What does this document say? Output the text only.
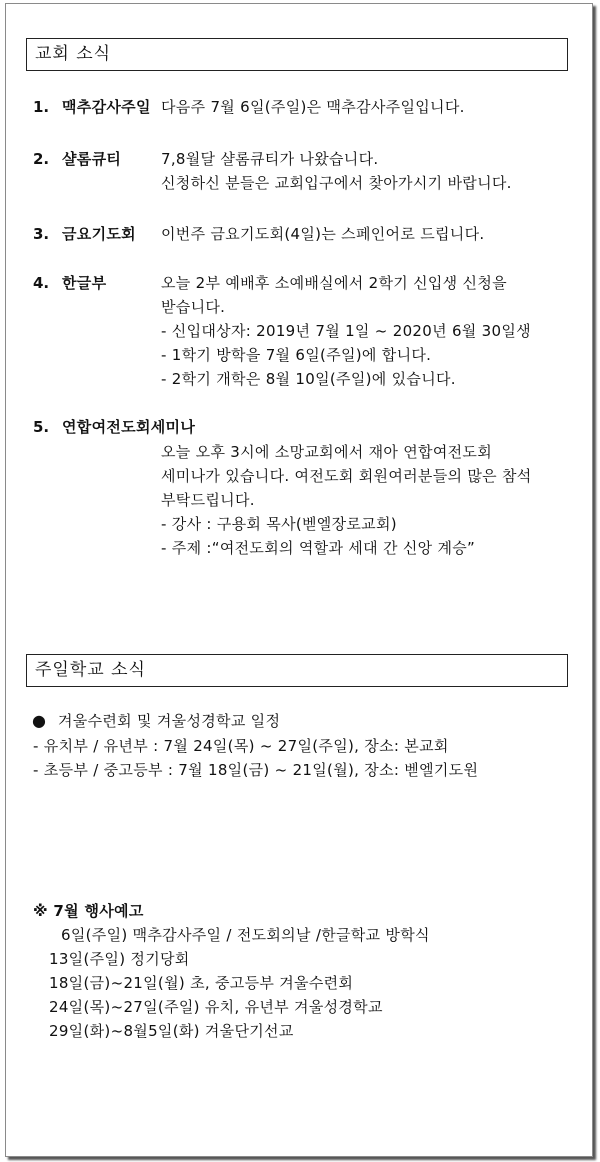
교회 소식
1. 맥추감사주일 다음주 7월 6일(주일)은 맥추감사주일입니다.
2. 샬롬큐티	7,8월달 샬롬큐티가 나왔습니다.
신청하신 분들은 교회입구에서 찾아가시기 바랍니다.
3. 금요기도회 이번주 금요기도회(4일)는 스페인어로 드립니다.
4. 한글부	오늘 2부 예배후 소예배실에서 2학기 신입생 신청을
받습니다.
- 신입대상자: 2019년 7월 1일 ~ 2020년 6월 30일생
- 1학기 방학을 7월 6일(주일)에 합니다.
- 2학기 개학은 8월 10일(주일)에 있습니다.
5. 연합여전도회세미나
오늘 오후 3시에 소망교회에서 재아 연합여전도회
세미나가 있습니다. 여전도회 회원여러분들의 많은 참석
부탁드립니다.
- 강사 : 구용회 목사(벧엘장로교회)
- 주제 :“여전도회의 역할과 세대 간 신앙 계승”
주일학교 소식
● 겨울수련회 및 겨울성경학교 일정
- 유치부 / 유년부 : 7월 24일(목) ~ 27일(주일), 장소: 본교회
- 초등부 / 중고등부 : 7월 18일(금) ~ 21일(월), 장소: 벧엘기도원
※ 7월 행사예고
6일(주일) 맥추감사주일 / 전도회의날 /한글학교 방학식
13일(주일) 정기당회
18일(금)~21일(월) 초, 중고등부 겨울수련회
24일(목)~27일(주일) 유치, 유년부 겨울성경학교
29일(화)~8월5일(화) 겨울단기선교
